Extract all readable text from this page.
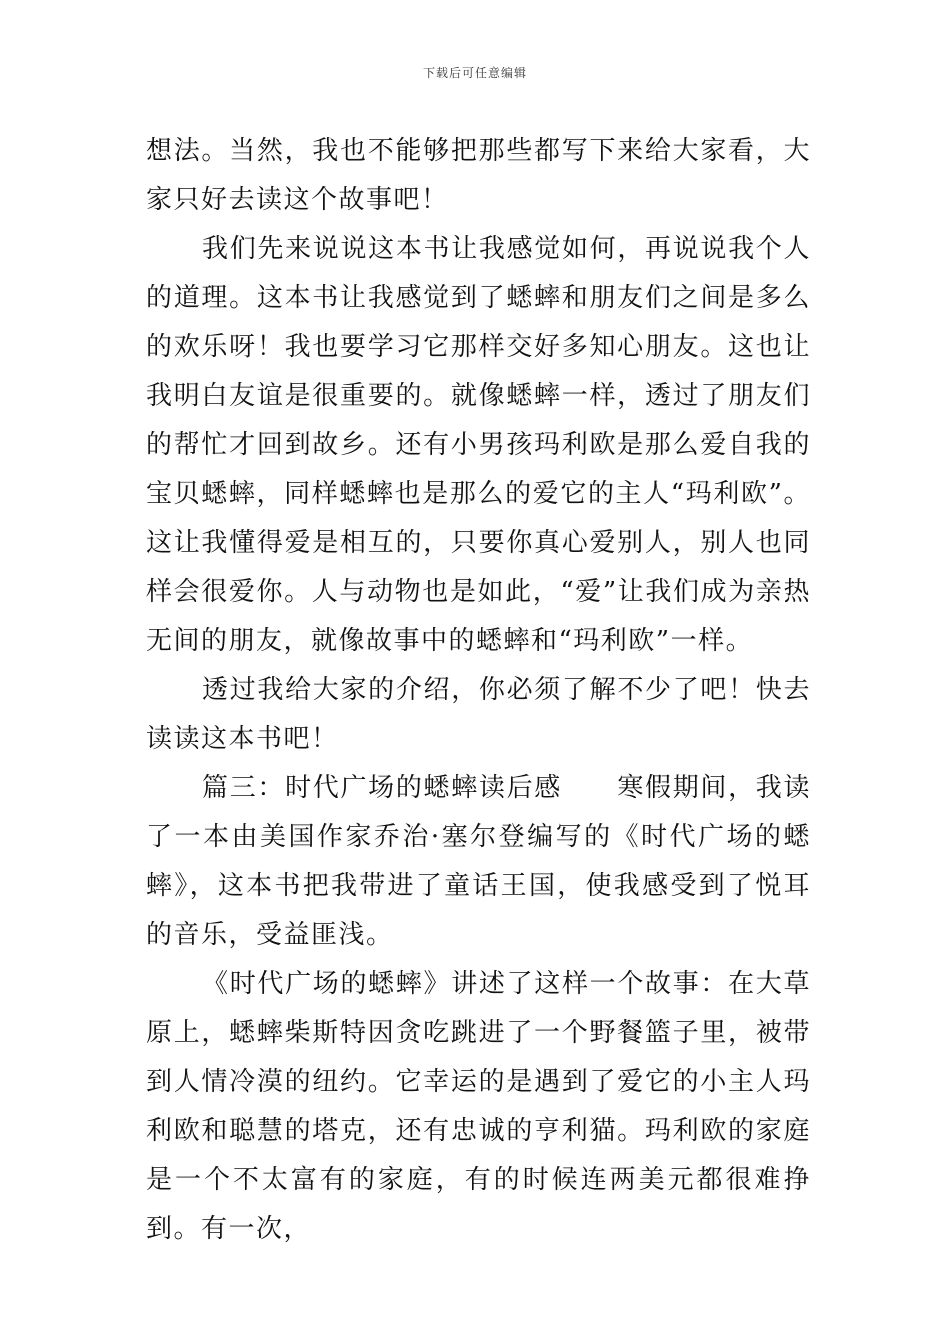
下载后可任意编辑

想法。当然，我也不能够把那些都写下来给大家看，大家只好去读这个故事吧！

我们先来说说这本书让我感觉如何，再说说我个人的道理。这本书让我感觉到了蟋蟀和朋友们之间是多么的欢乐呀！我也要学习它那样交好多知心朋友。这也让我明白友谊是很重要的。就像蟋蟀一样，透过了朋友们的帮忙才回到故乡。还有小男孩玛利欧是那么爱自我的宝贝蟋蟀，同样蟋蟀也是那么的爱它的主人“玛利欧”。这让我懂得爱是相互的，只要你真心爱别人，别人也同样会很爱你。人与动物也是如此，“爱”让我们成为亲热无间的朋友，就像故事中的蟋蟀和“玛利欧”一样。

透过我给大家的介绍，你必须了解不少了吧！快去读读这本书吧！

篇三：时代广场的蟋蟀读后感　　寒假期间，我读了一本由美国作家乔治·塞尔登编写的《时代广场的蟋蟀》，这本书把我带进了童话王国，使我感受到了悦耳的音乐，受益匪浅。

《时代广场的蟋蟀》讲述了这样一个故事：在大草原上，蟋蟀柴斯特因贪吃跳进了一个野餐篮子里，被带到人情冷漠的纽约。它幸运的是遇到了爱它的小主人玛利欧和聪慧的塔克，还有忠诚的亨利猫。玛利欧的家庭是一个不太富有的家庭，有的时候连两美元都很难挣到。有一次，
